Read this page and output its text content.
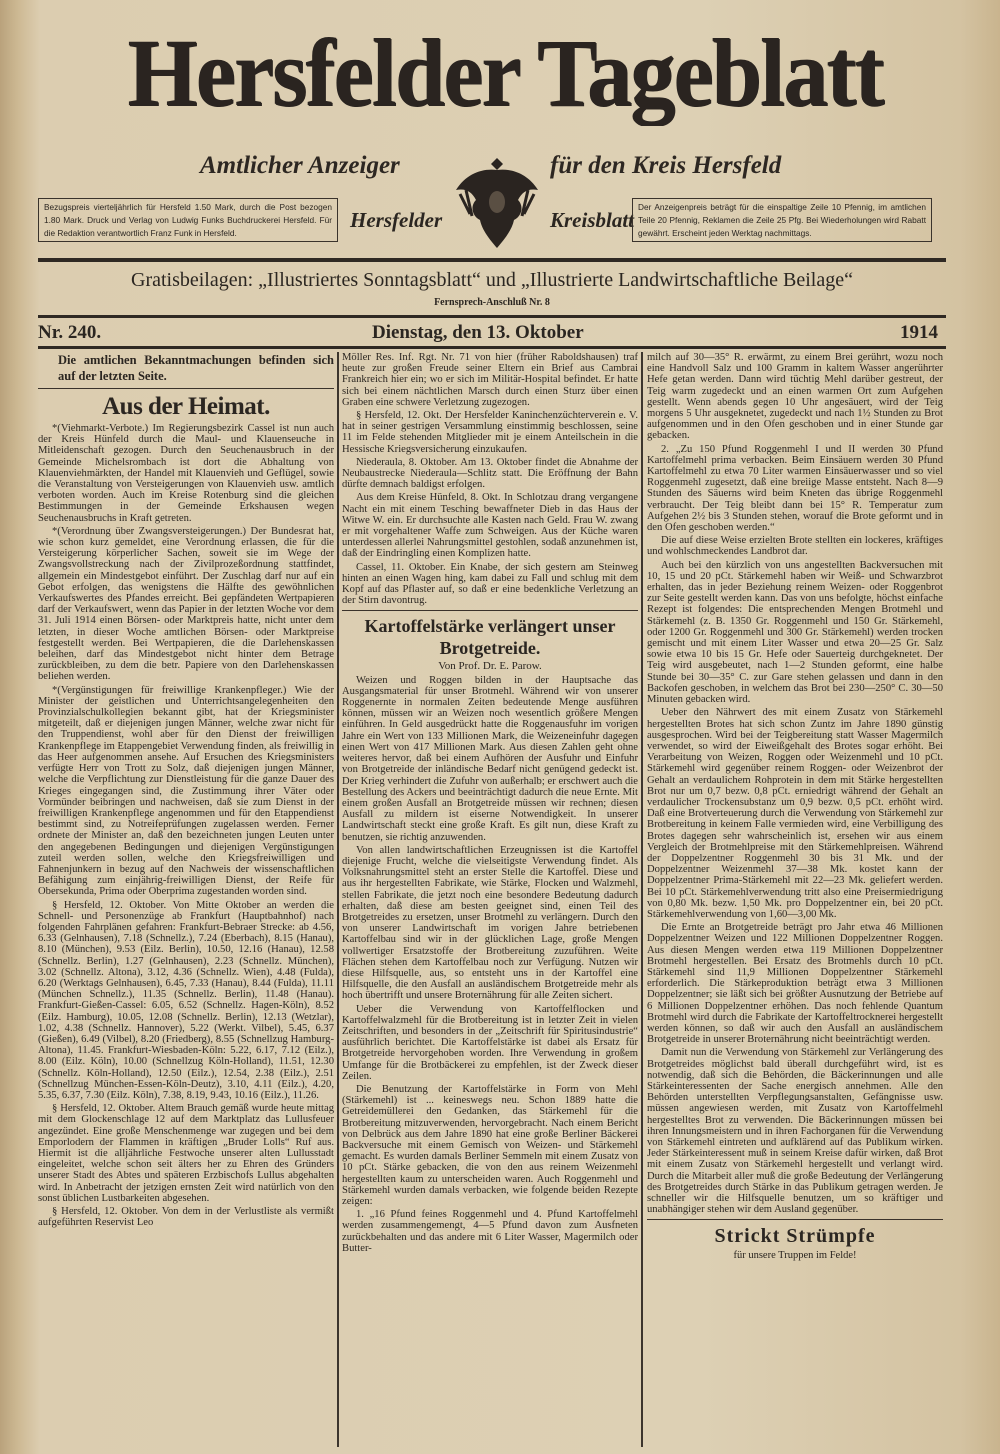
Hersfelder Tageblatt
Amtlicher Anzeiger	für den Kreis Hersfeld
Bezugspreis vierteljährlich für Hersfeld 1.50 Mark, durch die Post bezogen 1.80 Mark. Druck und Verlag von Ludwig Funks Buchdruckerei Hersfeld. Für die Redaktion verantwortlich Franz Funk in Hersfeld.
Hersfelder	Kreisblatt
Der Anzeigenpreis beträgt für die einspaltige Zeile 10 Pfennig, im amtlichen Teile 20 Pfennig, Reklamen die Zeile 25 Pfg. Bei Wiederholungen wird Rabatt gewährt. Erscheint jeden Werktag nachmittags.
Gratisbeilagen: „Illustriertes Sonntagsblatt“ und „Illustrierte Landwirtschaftliche Beilage“
Fernsprech-Anschluß Nr. 8
Nr. 240.	Dienstag, den 13. Oktober	1914

Die amtlichen Bekanntmachungen befinden sich auf der letzten Seite.

Aus der Heimat.

*(Viehmarkt-Verbote.) Im Regierungsbezirk Cassel ist nun auch der Kreis Hünfeld durch die Maul- und Klauenseuche in Mitleidenschaft gezogen. Durch den Seuchenausbruch in der Gemeinde Michelsrombach ist dort die Abhaltung von Klauenviehmärkten, der Handel mit Klauenvieh und Geflügel, sowie die Veranstaltung von Versteigerungen von Klauenvieh usw. amtlich verboten worden. Auch im Kreise Rotenburg sind die gleichen Bestimmungen in der Gemeinde Erkshausen wegen Seuchenausbruchs in Kraft getreten.

*(Verordnung über Zwangsversteigerungen.) Der Bundesrat hat, wie schon kurz gemeldet, eine Verordnung erlassen, die für die Versteigerung körperlicher Sachen, soweit sie im Wege der Zwangsvollstreckung nach der Zivilprozeßordnung stattfindet, allgemein ein Mindestgebot einführt. Der Zuschlag darf nur auf ein Gebot erfolgen, das wenigstens die Hälfte des gewöhnlichen Verkaufswertes des Pfandes erreicht. Bei gepfändeten Wertpapieren darf der Verkaufswert, wenn das Papier in der letzten Woche vor dem 31. Juli 1914 einen Börsen- oder Marktpreis hatte, nicht unter dem letzten, in dieser Woche amtlichen Börsen- oder Marktpreise festgestellt werden. Bei Wertpapieren, die die Darlehenskassen beleihen, darf das Mindestgebot nicht hinter dem Betrage zurückbleiben, zu dem die betr. Papiere von den Darlehenskassen beliehen werden.

*(Vergünstigungen für freiwillige Krankenpfleger.) Wie der Minister der geistlichen und Unterrichtsangelegenheiten den Provinzialschulkollegien bekannt gibt, hat der Kriegsminister mitgeteilt, daß er diejenigen jungen Männer, welche zwar nicht für den Truppendienst, wohl aber für den Dienst der freiwilligen Krankenpflege im Etappengebiet Verwendung finden, als freiwillig in das Heer aufgenommen ansehe. Auf Ersuchen des Kriegsministers verfügte Herr von Trott zu Solz, daß diejenigen jungen Männer, welche die Verpflichtung zur Dienstleistung für die ganze Dauer des Krieges eingegangen sind, die Zustimmung ihrer Väter oder Vormünder beibringen und nachweisen, daß sie zum Dienst in der freiwilligen Krankenpflege angenommen und für den Etappendienst bestimmt sind, zu Notreifeprüfungen zugelassen werden. Ferner ordnete der Minister an, daß den bezeichneten jungen Leuten unter den angegebenen Bedingungen und diejenigen Vergünstigungen zuteil werden sollen, welche den Kriegsfreiwilligen und Fahnenjunkern in bezug auf den Nachweis der wissenschaftlichen Befähigung zum einjährig-freiwilligen Dienst, der Reife für Obersekunda, Prima oder Oberprima zugestanden worden sind.

§ Hersfeld, 12. Oktober. Von Mitte Oktober an werden die Schnell- und Personenzüge ab Frankfurt (Hauptbahnhof) nach folgenden Fahrplänen gefahren: Frankfurt-Bebraer Strecke: ab 4.56, 6.33 (Gelnhausen), 7.18 (Schnellz.), 7.24 (Eberbach), 8.15 (Hanau), 8.10 (München), 9.53 (Eilz. Berlin), 10.50, 12.16 (Hanau), 12.58 (Schnellz. Berlin), 1.27 (Gelnhausen), 2.23 (Schnellz. München), 3.02 (Schnellz. Altona), 3.12, 4.36 (Schnellz. Wien), 4.48 (Fulda), 6.20 (Werktags Gelnhausen), 6.45, 7.33 (Hanau), 8.44 (Fulda), 11.11 (München Schnellz.), 11.35 (Schnellz. Berlin), 11.48 (Hanau). Frankfurt-Gießen-Cassel: 6.05, 6.52 (Schnellz. Hagen-Köln), 8.52 (Eilz. Hamburg), 10.05, 12.08 (Schnellz. Berlin), 12.13 (Wetzlar), 1.02, 4.38 (Schnellz. Hannover), 5.22 (Werkt. Vilbel), 5.45, 6.37 (Gießen), 6.49 (Vilbel), 8.20 (Friedberg), 8.55 (Schnellzug Hamburg-Altona), 11.45. Frankfurt-Wiesbaden-Köln: 5.22, 6.17, 7.12 (Eilz.), 8.00 (Eilz. Köln), 10.00 (Schnellzug Köln-Holland), 11.51, 12.30 (Schnellz. Köln-Holland), 12.50 (Eilz.), 12.54, 2.38 (Eilz.), 2.51 (Schnellzug München-Essen-Köln-Deutz), 3.10, 4.11 (Eilz.), 4.20, 5.35, 6.37, 7.30 (Eilz. Köln), 7.38, 8.19, 9.43, 10.16 (Eilz.), 11.26.

§ Hersfeld, 12. Oktober. Altem Brauch gemäß wurde heute mittag mit dem Glockenschlage 12 auf dem Marktplatz das Lullusfeuer angezündet. Eine große Menschenmenge war zugegen und bei dem Emporlodern der Flammen in kräftigen „Bruder Lolls“ Ruf aus. Hiermit ist die alljährliche Festwoche unserer alten Lullusstadt eingeleitet, welche schon seit älters her zu Ehren des Gründers unserer Stadt des Abtes und späteren Erzbischofs Lullus abgehalten wird. In Anbetracht der jetzigen ernsten Zeit wird natürlich von den sonst üblichen Lustbarkeiten abgesehen.

§ Hersfeld, 12. Oktober. Von dem in der Verlustliste als vermißt aufgeführten Reservist Leo

Möller Res. Inf. Rgt. Nr. 71 von hier (früher Raboldshausen) traf heute zur großen Freude seiner Eltern ein Brief aus Cambrai Frankreich hier ein; wo er sich im Militär-Hospital befindet. Er hatte sich bei einem nächtlichen Marsch durch einen Sturz über einen Graben eine schwere Verletzung zugezogen.

§ Hersfeld, 12. Okt. Der Hersfelder Kaninchenzüchterverein e. V. hat in seiner gestrigen Versammlung einstimmig beschlossen, seine 11 im Felde stehenden Mitglieder mit je einem Anteilschein in die Hessische Kriegsversicherung einzukaufen.

Niederaula, 8. Oktober. Am 13. Oktober findet die Abnahme der Neubaustrecke Niederaula—Schlitz statt. Die Eröffnung der Bahn dürfte demnach baldigst erfolgen.

Aus dem Kreise Hünfeld, 8. Okt. In Schlotzau drang vergangene Nacht ein mit einem Tesching bewaffneter Dieb in das Haus der Witwe W. ein. Er durchsuchte alle Kasten nach Geld. Frau W. zwang er mit vorgehaltener Waffe zum Schweigen. Aus der Küche waren unterdessen allerlei Nahrungsmittel gestohlen, sodaß anzunehmen ist, daß der Eindringling einen Komplizen hatte.

Cassel, 11. Oktober. Ein Knabe, der sich gestern am Steinweg hinten an einen Wagen hing, kam dabei zu Fall und schlug mit dem Kopf auf das Pflaster auf, so daß er eine bedenkliche Verletzung an der Stirn davontrug.

Kartoffelstärke verlängert unser Brotgetreide.

Von Prof. Dr. E. Parow.

Weizen und Roggen bilden in der Hauptsache das Ausgangsmaterial für unser Brotmehl. Während wir von unserer Roggenernte in normalen Zeiten bedeutende Menge ausführen können, müssen wir an Weizen noch wesentlich größere Mengen einführen. In Geld ausgedrückt hatte die Roggenausfuhr im vorigen Jahre ein Wert von 133 Millionen Mark, die Weizeneinfuhr dagegen einen Wert von 417 Millionen Mark. Aus diesen Zahlen geht ohne weiteres hervor, daß bei einem Aufhören der Ausfuhr und Einfuhr von Brotgetreide der inländische Bedarf nicht genügend gedeckt ist. Der Krieg verhindert die Zufuhr von außerhalb; er erschwert auch die Bestellung des Ackers und beeinträchtigt dadurch die neue Ernte. Mit einem großen Ausfall an Brotgetreide müssen wir rechnen; diesen Ausfall zu mildern ist eiserne Notwendigkeit. In unserer Landwirtschaft steckt eine große Kraft. Es gilt nun, diese Kraft zu benutzen, sie richtig anzuwenden.

Von allen landwirtschaftlichen Erzeugnissen ist die Kartoffel diejenige Frucht, welche die vielseitigste Verwendung findet. Als Volksnahrungsmittel steht an erster Stelle die Kartoffel. Diese und aus ihr hergestellten Fabrikate, wie Stärke, Flocken und Walzmehl, stellen Fabrikate, die jetzt noch eine besondere Bedeutung dadurch erhalten, daß diese am besten geeignet sind, einen Teil des Brotgetreides zu ersetzen, unser Brotmehl zu verlängern. Durch den von unserer Landwirtschaft im vorigen Jahre betriebenen Kartoffelbau sind wir in der glücklichen Lage, große Mengen vollwertiger Ersatzstoffe der Brotbereitung zuzuführen. Weite Flächen stehen dem Kartoffelbau noch zur Verfügung. Nutzen wir diese Hilfsquelle, aus, so entsteht uns in der Kartoffel eine Hilfsquelle, die den Ausfall an ausländischem Brotgetreide mehr als hoch übertrifft und unsere Broternährung für alle Zeiten sichert.

Ueber die Verwendung von Kartoffelflocken und Kartoffelwalzmehl für die Brotbereitung ist in letzter Zeit in vielen Zeitschriften, und besonders in der „Zeitschrift für Spiritusindustrie“ ausführlich berichtet. Die Kartoffelstärke ist dabei als Ersatz für Brotgetreide hervorgehoben worden. Ihre Verwendung in großem Umfange für die Brotbäckerei zu empfehlen, ist der Zweck dieser Zeilen.

Die Benutzung der Kartoffelstärke in Form von Mehl (Stärkemehl) ist ... keineswegs neu. Schon 1889 hatte die Getreidemüllerei den Gedanken, das Stärkemehl für die Brotbereitung mitzuverwenden, hervorgebracht. Nach einem Bericht von Delbrück aus dem Jahre 1890 hat eine große Berliner Bäckerei Backversuche mit einem Gemisch von Weizen- und Stärkemehl gemacht. Es wurden damals Berliner Semmeln mit einem Zusatz von 10 pCt. Stärke gebacken, die von den aus reinem Weizenmehl hergestellten kaum zu unterscheiden waren. Auch Roggenmehl und Stärkemehl wurden damals verbacken, wie folgende beiden Rezepte zeigen:

1. „16 Pfund feines Roggenmehl und 4. Pfund Kartoffelmehl werden zusammengemengt, 4—5 Pfund davon zum Ausfneten zurückbehalten und das andere mit 6 Liter Wasser, Magermilch oder Butter-

milch auf 30—35° R. erwärmt, zu einem Brei gerührt, wozu noch eine Handvoll Salz und 100 Gramm in kaltem Wasser angerührter Hefe getan werden. Dann wird tüchtig Mehl darüber gestreut, der Teig warm zugedeckt und an einen warmen Ort zum Aufgehen gestellt. Wenn abends gegen 10 Uhr angesäuert, wird der Teig morgens 5 Uhr ausgeknetet, zugedeckt und nach 1½ Stunden zu Brot aufgenommen und in den Ofen geschoben und in einer Stunde gar gebacken.

2. „Zu 150 Pfund Roggenmehl I und II werden 30 Pfund Kartoffelmehl prima verbacken. Beim Einsäuern werden 30 Pfund Kartoffelmehl zu etwa 70 Liter warmen Einsäuerwasser und so viel Roggenmehl zugesetzt, daß eine breiige Masse entsteht. Nach 8—9 Stunden des Säuerns wird beim Kneten das übrige Roggenmehl verbraucht. Der Teig bleibt dann bei 15° R. Temperatur zum Aufgehen 2½ bis 3 Stunden stehen, worauf die Brote geformt und in den Ofen geschoben werden.“

Die auf diese Weise erzielten Brote stellten ein lockeres, kräftiges und wohlschmeckendes Landbrot dar.

Auch bei den kürzlich von uns angestellten Backversuchen mit 10, 15 und 20 pCt. Stärkemehl haben wir Weiß- und Schwarzbrot erhalten, das in jeder Beziehung reinem Weizen- oder Roggenbrot zur Seite gestellt werden kann. Das von uns befolgte, höchst einfache Rezept ist folgendes: Die entsprechenden Mengen Brotmehl und Stärkemehl (z. B. 1350 Gr. Roggenmehl und 150 Gr. Stärkemehl, oder 1200 Gr. Roggenmehl und 300 Gr. Stärkemehl) werden trocken gemischt und mit einem Liter Wasser und etwa 20—25 Gr. Salz sowie etwa 10 bis 15 Gr. Hefe oder Sauerteig durchgeknetet. Der Teig wird ausgebeutet, nach 1—2 Stunden geformt, eine halbe Stunde bei 30—35° C. zur Gare stehen gelassen und dann in den Backofen geschoben, in welchem das Brot bei 230—250° C. 30—50 Minuten gebacken wird.

Ueber den Nährwert des mit einem Zusatz von Stärkemehl hergestellten Brotes hat sich schon Zuntz im Jahre 1890 günstig ausgesprochen. Wird bei der Teigbereitung statt Wasser Magermilch verwendet, so wird der Eiweißgehalt des Brotes sogar erhöht. Bei Verarbeitung von Weizen, Roggen oder Weizenmehl und 10 pCt. Stärkemehl wird gegenüber reinem Roggen- oder Weizenbrot der Gehalt an verdaulichem Rohprotein in dem mit Stärke hergestellten Brot nur um 0,7 bezw. 0,8 pCt. erniedrigt während der Gehalt an verdaulicher Trockensubstanz um 0,9 bezw. 0,5 pCt. erhöht wird. Daß eine Brotverteuerung durch die Verwendung von Stärkemehl zur Brotbereitung in keinem Falle vermieden wird, eine Verbilligung des Brotes dagegen sehr wahrscheinlich ist, ersehen wir aus einem Vergleich der Brotmehlpreise mit den Stärkemehlpreisen. Während der Doppelzentner Roggenmehl 30 bis 31 Mk. und der Doppelzentner Weizenmehl 37—38 Mk. kostet kann der Doppelzentner Prima-Stärkemehl mit 22—23 Mk. geliefert werden. Bei 10 pCt. Stärkemehlverwendung tritt also eine Preisermiedrigung von 0,80 Mk. bezw. 1,50 Mk. pro Doppelzentner ein, bei 20 pCt. Stärkemehlverwendung von 1,60—3,00 Mk.

Die Ernte an Brotgetreide beträgt pro Jahr etwa 46 Millionen Doppelzentner Weizen und 122 Millionen Doppelzentner Roggen. Aus diesen Mengen werden etwa 119 Millionen Doppelzentner Brotmehl hergestellen. Bei Ersatz des Brotmehls durch 10 pCt. Stärkemehl sind 11,9 Millionen Doppelzentner Stärkemehl erforderlich. Die Stärkeproduktion beträgt etwa 3 Millionen Doppelzentner; sie läßt sich bei größter Ausnutzung der Betriebe auf 6 Millionen Doppelzentner erhöhen. Das noch fehlende Quantum Brotmehl wird durch die Fabrikate der Kartoffeltrocknerei hergestellt werden können, so daß wir auch den Ausfall an ausländischem Brotgetreide in unserer Broternährung nicht beeinträchtigt werden.

Damit nun die Verwendung von Stärkemehl zur Verlängerung des Brotgetreides möglichst bald überall durchgeführt wird, ist es notwendig, daß sich die Behörden, die Bäckerinnungen und alle Stärkeinteressenten der Sache energisch annehmen. Alle den Behörden unterstellten Verpflegungsanstalten, Gefängnisse usw. müssen angewiesen werden, mit Zusatz von Kartoffelmehl hergestelltes Brot zu verwenden. Die Bäckerinnungen müssen bei ihren Innungsmeistern und in ihren Fachorganen für die Verwendung von Stärkemehl eintreten und aufklärend auf das Publikum wirken. Jeder Stärkeinteressent muß in seinem Kreise dafür wirken, daß Brot mit einem Zusatz von Stärkemehl hergestellt und verlangt wird. Durch die Mitarbeit aller muß die große Bedeutung der Verlängerung des Brotgetreides durch Stärke in das Publikum getragen werden. Je schneller wir die Hilfsquelle benutzen, um so kräftiger und unabhängiger stehen wir dem Ausland gegenüber.

Strickt Strümpfe

für unsere Truppen im Felde!
